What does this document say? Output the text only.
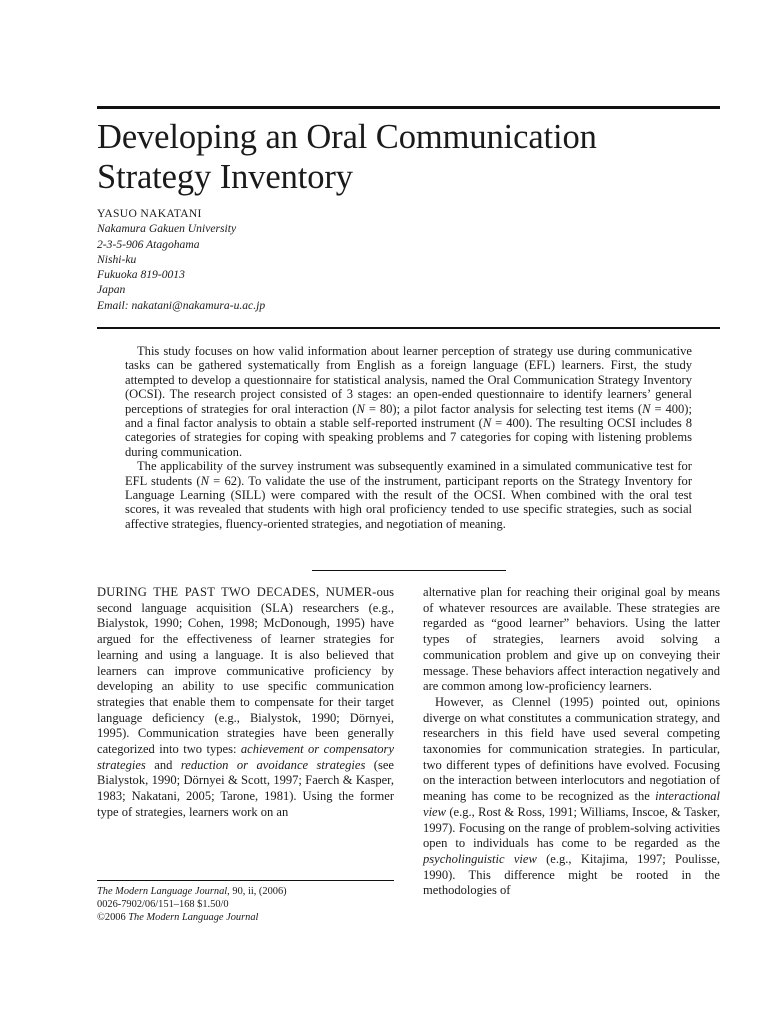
Developing an Oral Communication
Strategy Inventory
YASUO NAKATANI
Nakamura Gakuen University
2-3-5-906 Atagohama
Nishi-ku
Fukuoka 819-0013
Japan
Email: nakatani@nakamura-u.ac.jp

This study focuses on how valid information about learner perception of strategy use during communicative tasks can be gathered systematically from English as a foreign language (EFL) learners. First, the study attempted to develop a questionnaire for statistical analysis, named the Oral Communication Strategy Inventory (OCSI). The research project consisted of 3 stages: an open-ended questionnaire to identify learners’ general perceptions of strategies for oral interaction (N = 80); a pilot factor analysis for selecting test items (N = 400); and a final factor analysis to obtain a stable self-reported instrument (N = 400). The resulting OCSI includes 8 categories of strategies for coping with speaking problems and 7 categories for coping with listening problems during communication.

The applicability of the survey instrument was subsequently examined in a simulated communicative test for EFL students (N = 62). To validate the use of the instrument, participant reports on the Strategy Inventory for Language Learning (SILL) were compared with the result of the OCSI. When combined with the oral test scores, it was revealed that students with high oral proficiency tended to use specific strategies, such as social affective strategies, fluency-oriented strategies, and negotiation of meaning.

DURING THE PAST TWO DECADES, NUMER-ous second language acquisition (SLA) researchers (e.g., Bialystok, 1990; Cohen, 1998; McDonough, 1995) have argued for the effectiveness of learner strategies for learning and using a language. It is also believed that learners can improve communicative proficiency by developing an ability to use specific communication strategies that enable them to compensate for their target language deficiency (e.g., Bialystok, 1990; Dörnyei, 1995). Communication strategies have been generally categorized into two types: achievement or compensatory strategies and reduction or avoidance strategies (see Bialystok, 1990; Dörnyei & Scott, 1997; Faerch & Kasper, 1983; Nakatani, 2005; Tarone, 1981). Using the former type of strategies, learners work on an

alternative plan for reaching their original goal by means of whatever resources are available. These strategies are regarded as “good learner” behaviors. Using the latter types of strategies, learners avoid solving a communication problem and give up on conveying their message. These behaviors affect interaction negatively and are common among low-proficiency learners.

However, as Clennel (1995) pointed out, opinions diverge on what constitutes a communication strategy, and researchers in this field have used several competing taxonomies for communication strategies. In particular, two different types of definitions have evolved. Focusing on the interaction between interlocutors and negotiation of meaning has come to be recognized as the interactional view (e.g., Rost & Ross, 1991; Williams, Inscoe, & Tasker, 1997). Focusing on the range of problem-solving activities open to individuals has come to be regarded as the psycholinguistic view (e.g., Kitajima, 1997; Poulisse, 1990). This difference might be rooted in the methodologies of

The Modern Language Journal, 90, ii, (2006)
0026-7902/06/151–168 $1.50/0
©2006 The Modern Language Journal
